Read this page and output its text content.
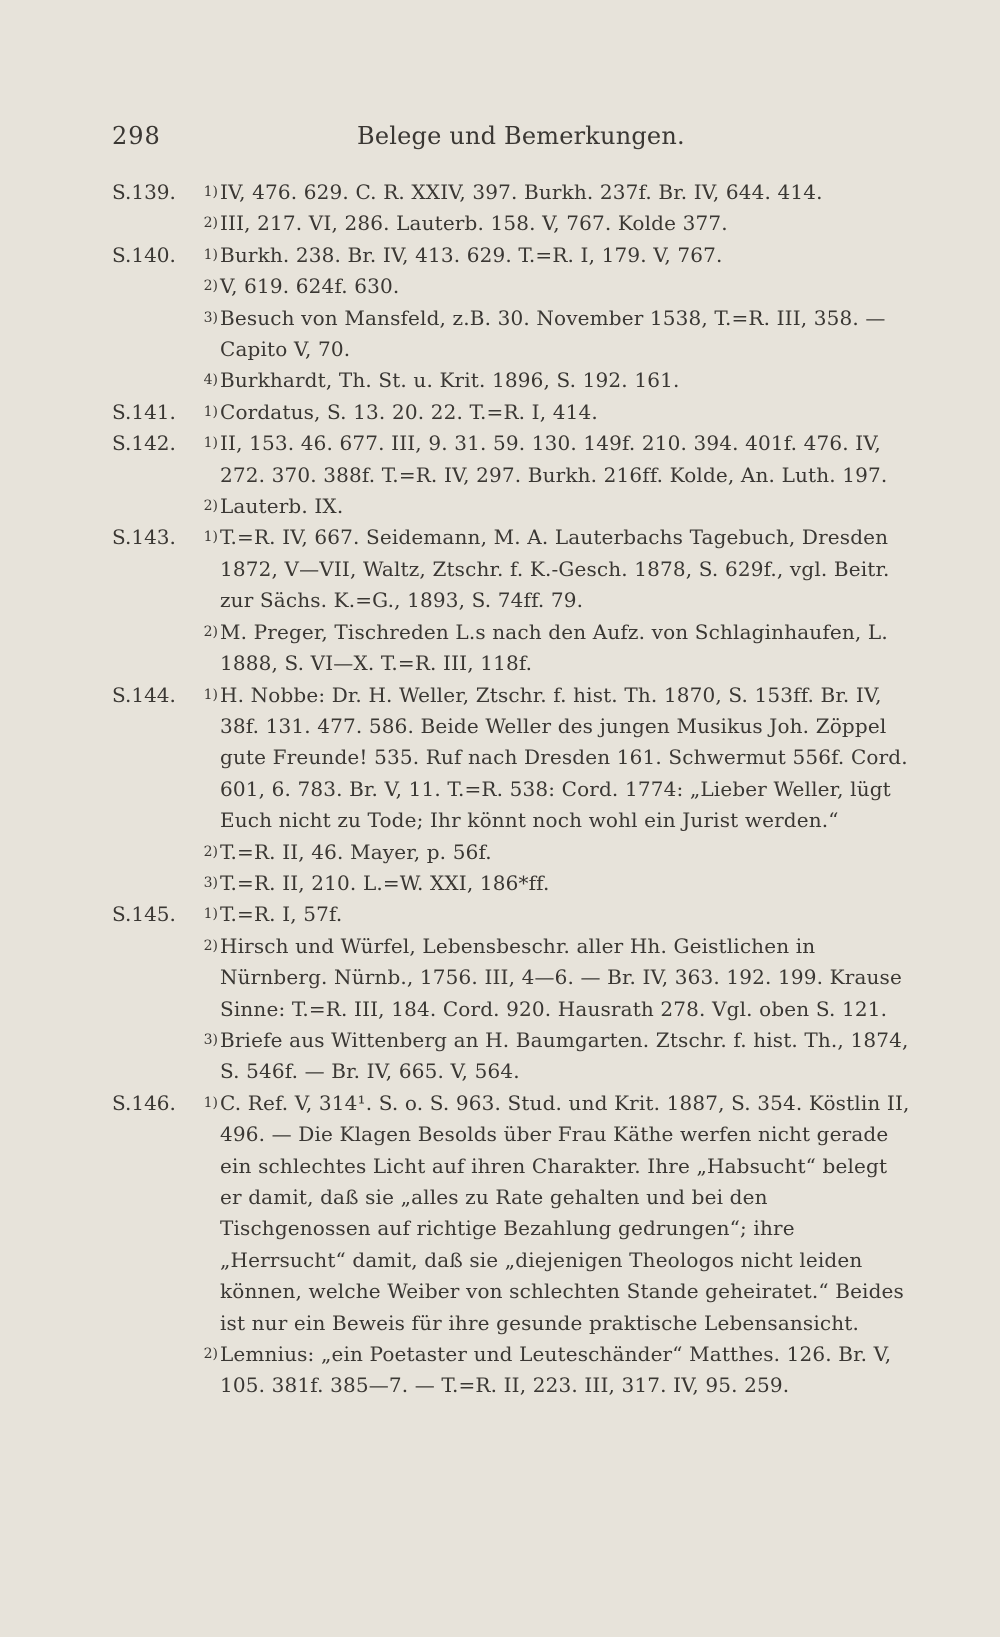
298	Belege und Bemerkungen.
S.139.	1) IV, 476. 629. C. R. XXIV, 397. Burkh. 237f. Br. IV, 644. 414.
2) III, 217. VI, 286. Lauterb. 158. V, 767. Kolde 377.
S.140.	1) Burkh. 238. Br. IV, 413. 629. T.=R. I, 179. V, 767.
2) V, 619. 624f. 630.
3) Besuch von Mansfeld, z.B. 30. November 1538, T.=R. III, 358. — Capito V, 70.
4) Burkhardt, Th. St. u. Krit. 1896, S. 192. 161.
S.141.	1) Cordatus, S. 13. 20. 22. T.=R. I, 414.
S.142.	1) II, 153. 46. 677. III, 9. 31. 59. 130. 149f. 210. 394. 401f. 476. IV, 272. 370. 388f. T.=R. IV, 297. Burkh. 216ff. Kolde, An. Luth. 197.
2) Lauterb. IX.
S.143.	1) T.=R. IV, 667. Seidemann, M. A. Lauterbachs Tagebuch, Dresden 1872, V—VII, Waltz, Ztschr. f. K.-Gesch. 1878, S. 629f., vgl. Beitr. zur Sächs. K.=G., 1893, S. 74ff. 79.
2) M. Preger, Tischreden L.s nach den Aufz. von Schlaginhaufen, L. 1888, S. VI—X. T.=R. III, 118f.
S.144.	1) H. Nobbe: Dr. H. Weller, Ztschr. f. hist. Th. 1870, S. 153ff. Br. IV, 38f. 131. 477. 586. Beide Weller des jungen Musikus Joh. Zöppel gute Freunde! 535. Ruf nach Dresden 161. Schwermut 556f. Cord. 601, 6. 783. Br. V, 11. T.=R. 538: Cord. 1774: „Lieber Weller, lügt Euch nicht zu Tode; Ihr könnt noch wohl ein Jurist werden.“
2) T.=R. II, 46. Mayer, p. 56f.
3) T.=R. II, 210. L.=W. XXI, 186*ff.
S.145.	1) T.=R. I, 57f.
2) Hirsch und Würfel, Lebensbeschr. aller Hh. Geistlichen in Nürnberg. Nürnb., 1756. III, 4—6. — Br. IV, 363. 192. 199. Krause Sinne: T.=R. III, 184. Cord. 920. Hausrath 278. Vgl. oben S. 121.
3) Briefe aus Wittenberg an H. Baumgarten. Ztschr. f. hist. Th., 1874, S. 546f. — Br. IV, 665. V, 564.
S.146.	1) C. Ref. V, 314¹. S. o. S. 963. Stud. und Krit. 1887, S. 354. Köstlin II, 496. — Die Klagen Besolds über Frau Käthe werfen nicht gerade ein schlechtes Licht auf ihren Charakter. Ihre „Habsucht“ belegt er damit, daß sie „alles zu Rate gehalten und bei den Tischgenossen auf richtige Bezahlung gedrungen“; ihre „Herrsucht“ damit, daß sie „diejenigen Theologos nicht leiden können, welche Weiber von schlechten Stande geheiratet.“ Beides ist nur ein Beweis für ihre gesunde praktische Lebensansicht.
2) Lemnius: „ein Poetaster und Leuteschänder“ Matthes. 126. Br. V, 105. 381f. 385—7. — T.=R. II, 223. III, 317. IV, 95. 259.
